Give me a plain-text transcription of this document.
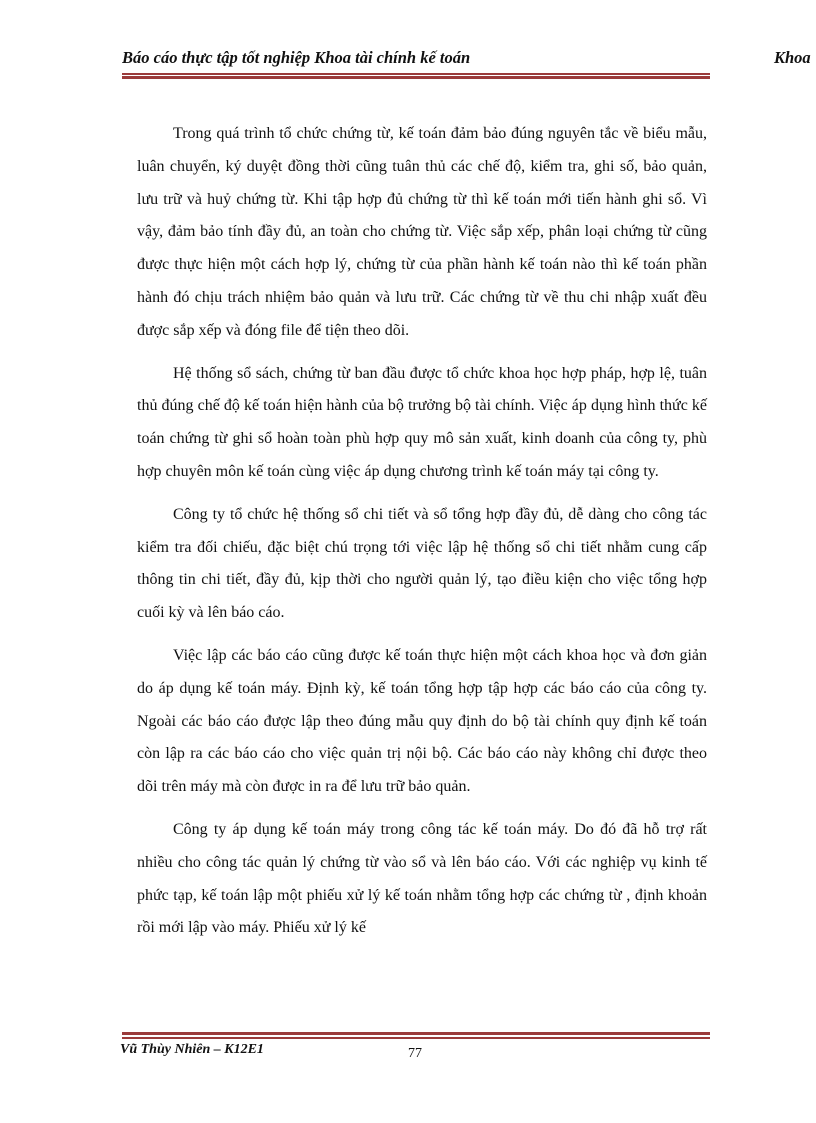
Báo cáo thực tập tốt nghiệp Khoa tài chính kế toán	Khoa

Trong quá trình tổ chức chứng từ, kế toán đảm bảo đúng nguyên tắc về biểu mẫu, luân chuyển, ký duyệt đồng thời cũng tuân thủ các chế độ, kiểm tra, ghi số, bảo quản, lưu trữ và huỷ chứng từ. Khi tập hợp đủ chứng từ thì kế toán mới tiến hành ghi sổ. Vì vậy, đảm bảo tính đầy đủ, an toàn cho chứng từ. Việc sắp xếp, phân loại chứng từ cũng được thực hiện một cách hợp lý, chứng từ của phần hành kế toán nào thì kế toán phần hành đó chịu trách nhiệm bảo quản và lưu trữ. Các chứng từ về thu chi nhập xuất đều được sắp xếp và đóng file để tiện theo dõi.

Hệ thống sổ sách, chứng từ ban đầu được tổ chức khoa học hợp pháp, hợp lệ, tuân thủ đúng chế độ kế toán hiện hành của bộ trưởng bộ tài chính. Việc áp dụng hình thức kế toán chứng từ ghi sổ hoàn toàn phù hợp quy mô sản xuất, kinh doanh của công ty, phù hợp chuyên môn kế toán cùng việc áp dụng chương trình kế toán máy tại công ty.

Công ty tổ chức hệ thống sổ chi tiết và sổ tổng hợp đầy đủ, dễ dàng cho công tác kiểm tra đối chiếu, đặc biệt chú trọng tới việc lập hệ thống sổ chi tiết nhằm cung cấp thông tin chi tiết, đầy đủ, kịp thời cho người quản lý, tạo điều kiện cho việc tổng hợp cuối kỳ và lên báo cáo.

Việc lập các báo cáo cũng được kế toán thực hiện một cách khoa học và đơn giản do áp dụng kế toán máy. Định kỳ, kế toán tổng hợp tập hợp các báo cáo của công ty. Ngoài các báo cáo được lập theo đúng mẫu quy định do bộ tài chính quy định kế toán còn lập ra các báo cáo cho việc quản trị nội bộ. Các báo cáo này không chỉ được theo dõi trên máy mà còn được in ra để lưu trữ bảo quản.

Công ty áp dụng kế toán máy trong công tác kế toán máy. Do đó đã hỗ trợ rất nhiều cho công tác quản lý chứng từ vào sổ và lên báo cáo. Với các nghiệp vụ kinh tế phức tạp, kế toán lập một phiếu xử lý kế toán nhằm tổng hợp các chứng từ , định khoản rồi mới lập vào máy. Phiếu xử lý kế

Vũ Thùy Nhiên – K12E1	77
